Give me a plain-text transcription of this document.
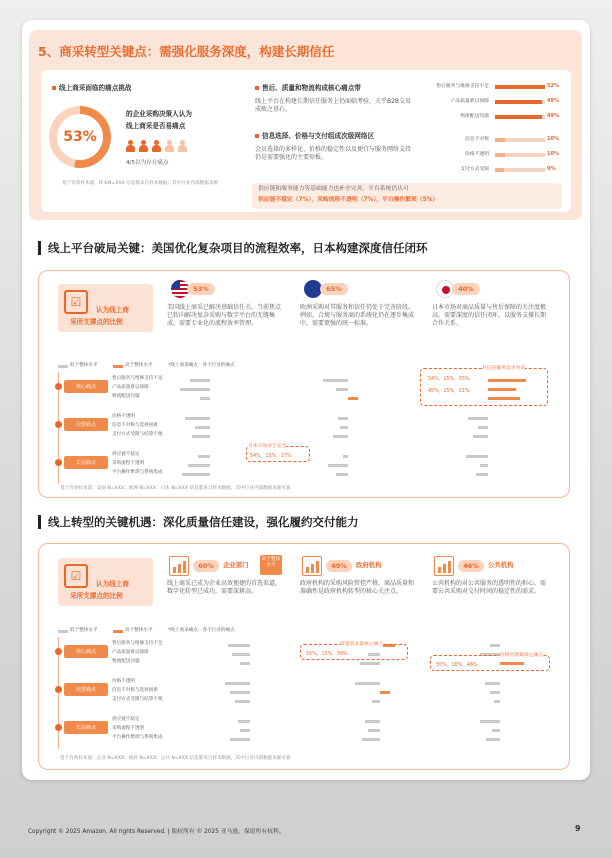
5、商采转型关键点：需强化服务深度，构建长期信任
线上商采面临的痛点挑战
53%
的企业采购决策人认为
线上商采是否易痛点
4/5以为存在痛点
基于有效样本量，样本N=XXX 信息都来自样本数据，其中行业内部数据来源
售后、质量和物流构成核心痛点带
线上平台在构建长期信任服务上仍面临考验，关乎B2B交易成败之基石。
信息选择、价格与支付组成次级网络区
会员选择的多样化、价格的稳定性以及便宜与服务网络支持仍是需要强化的主要短板。
售后服务与维修支持不足	52%
产品质量难以保障	49%
物流配送问题	49%
信息不对称	10%
价格不透明	10%
支付方式受限	9%
供应链和服务能力等基础能力也补全完善，平台系统仍认可
供应链不稳定（7%），采购流程不透明（7%），平台操作繁琐（5%）
线上平台破局关键：美国优化复杂项目的流程效率，日本构建深度信任闭环
☑
认为线上商
采所支撑点的比例
53%
美国线上商采已解决基础信任关，当前焦点已转向解决复杂采购与数字平台的无缝集成，需要专业化的流程效率管理。
65%
欧洲采购对其服务和信任仍处于完善阶段。例如，合规与服务商的系统化仍在逐步集成中，需要更强的统一标准。
40%
日本市场对商品质量与售后保障的关注度极高，需要深度的信任闭环，以服务支撑长期合作关系。
低于整体水平	高于整体水平	*线上商采痛点：各个行业的痛点
核心痛点
次要痛点
长尾痛点
售后服务与维修支持不足
产品质量难以保障
物流配送问题
价格不透明
信息不对称与选择困难
支付方式受限与结算不便
供应链不稳定
采购流程不透明
平台操作繁琐与系统集成
对信任服务需求更高
54%，15%，55%
45%，15%，51%
日本市场对于安全
54%，15%，17%
基于有效样本量：美国 N=XXX；欧洲 N=XXX；日本 N=XXX 信息都来自样本数据，其中行业内部数据来源可靠
线上转型的关键机遇：深化质量信任建设，强化履约交付能力
☑
认为线上商
采所支撑点的比例
60%	企业部门
高于整体水平
线上商采已成为企业高效便捷的首选渠道，数字化转型已成功，需要深耕高。
49%	政府机构
政府机构的采购风险管控严格，商品质量和准确性是政府机构转型的核心关注点。
46%	公共机构
公共机构的对公共服务的透明性的担心，需要公共采购对交付时间的稳定性的需求。
低于整体水平	高于整体水平	*线上商采痛点：各个行业的痛点
核心痛点
次要痛点
长尾痛点
售后服务与维修支持不足
产品质量难以保障
物流配送问题
价格不透明
信息不对称与选择困难
支付方式受限与结算不便
供应链不稳定
采购流程不透明
平台操作繁琐与系统集成
质量需求最核心痛点
55%，15%，30%	价格管理最核心痛点
55%，16%，46%
基于有效样本量：企业 N=XXX；政府 N=XXX；公共 N=XXX 信息都来自样本数据，其中行业内部数据来源可靠
Copyright © 2025 Amazon. All rights Reserved. | 版权所有 © 2025 亚马逊。保留所有权利。	9
